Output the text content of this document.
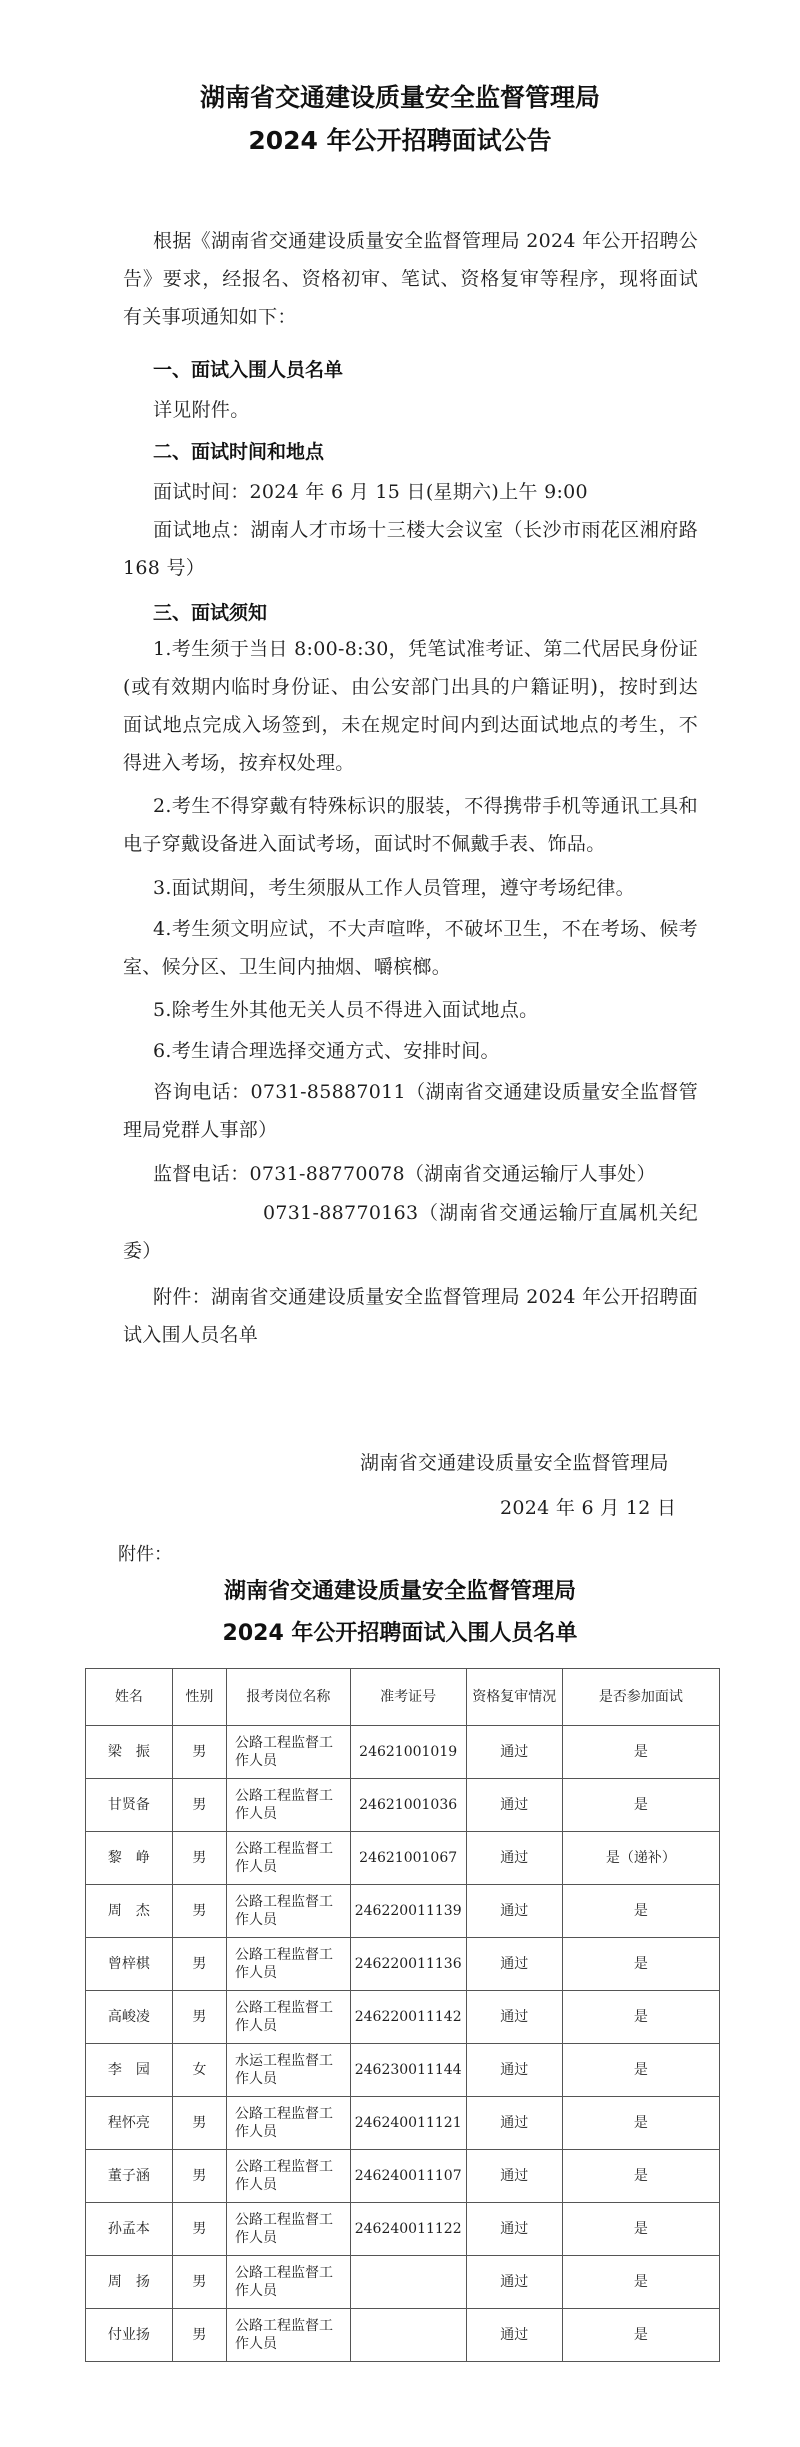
湖南省交通建设质量安全监督管理局
2024 年公开招聘面试公告
根据《湖南省交通建设质量安全监督管理局 2024 年公开招聘公告》要求，经报名、资格初审、笔试、资格复审等程序，现将面试有关事项通知如下：
一、面试入围人员名单
详见附件。
二、面试时间和地点
面试时间：2024 年 6 月 15 日(星期六)上午 9:00
面试地点：湖南人才市场十三楼大会议室（长沙市雨花区湘府路 168 号）
三、面试须知
1.考生须于当日 8:00-8:30，凭笔试准考证、第二代居民身份证(或有效期内临时身份证、由公安部门出具的户籍证明)，按时到达面试地点完成入场签到，未在规定时间内到达面试地点的考生，不得进入考场，按弃权处理。
2.考生不得穿戴有特殊标识的服装，不得携带手机等通讯工具和电子穿戴设备进入面试考场，面试时不佩戴手表、饰品。
3.面试期间，考生须服从工作人员管理，遵守考场纪律。
4.考生须文明应试，不大声喧哗，不破坏卫生，不在考场、候考室、候分区、卫生间内抽烟、嚼槟榔。
5.除考生外其他无关人员不得进入面试地点。
6.考生请合理选择交通方式、安排时间。
咨询电话：0731-85887011（湖南省交通建设质量安全监督管理局党群人事部）
监督电话：0731-88770078（湖南省交通运输厅人事处）
0731-88770163（湖南省交通运输厅直属机关纪委）
附件：湖南省交通建设质量安全监督管理局 2024 年公开招聘面试入围人员名单
湖南省交通建设质量安全监督管理局
2024 年 6 月 12 日
附件：
湖南省交通建设质量安全监督管理局
2024 年公开招聘面试入围人员名单
姓名	性别	报考岗位名称	准考证号	资格复审情况	是否参加面试
梁　振	男	公路工程监督工作人员	24621001019	通过	是
甘贤备	男	公路工程监督工作人员	24621001036	通过	是
黎　峥	男	公路工程监督工作人员	24621001067	通过	是（递补）
周　杰	男	公路工程监督工作人员	246220011139	通过	是
曾梓棋	男	公路工程监督工作人员	246220011136	通过	是
高峻凌	男	公路工程监督工作人员	246220011142	通过	是
李　园	女	水运工程监督工作人员	246230011144	通过	是
程怀亮	男	公路工程监督工作人员	246240011121	通过	是
董子涵	男	公路工程监督工作人员	246240011107	通过	是
孙孟本	男	公路工程监督工作人员	246240011122	通过	是
周　扬	男	公路工程监督工作人员		通过	是
付业扬	男	公路工程监督工作人员		通过	是
